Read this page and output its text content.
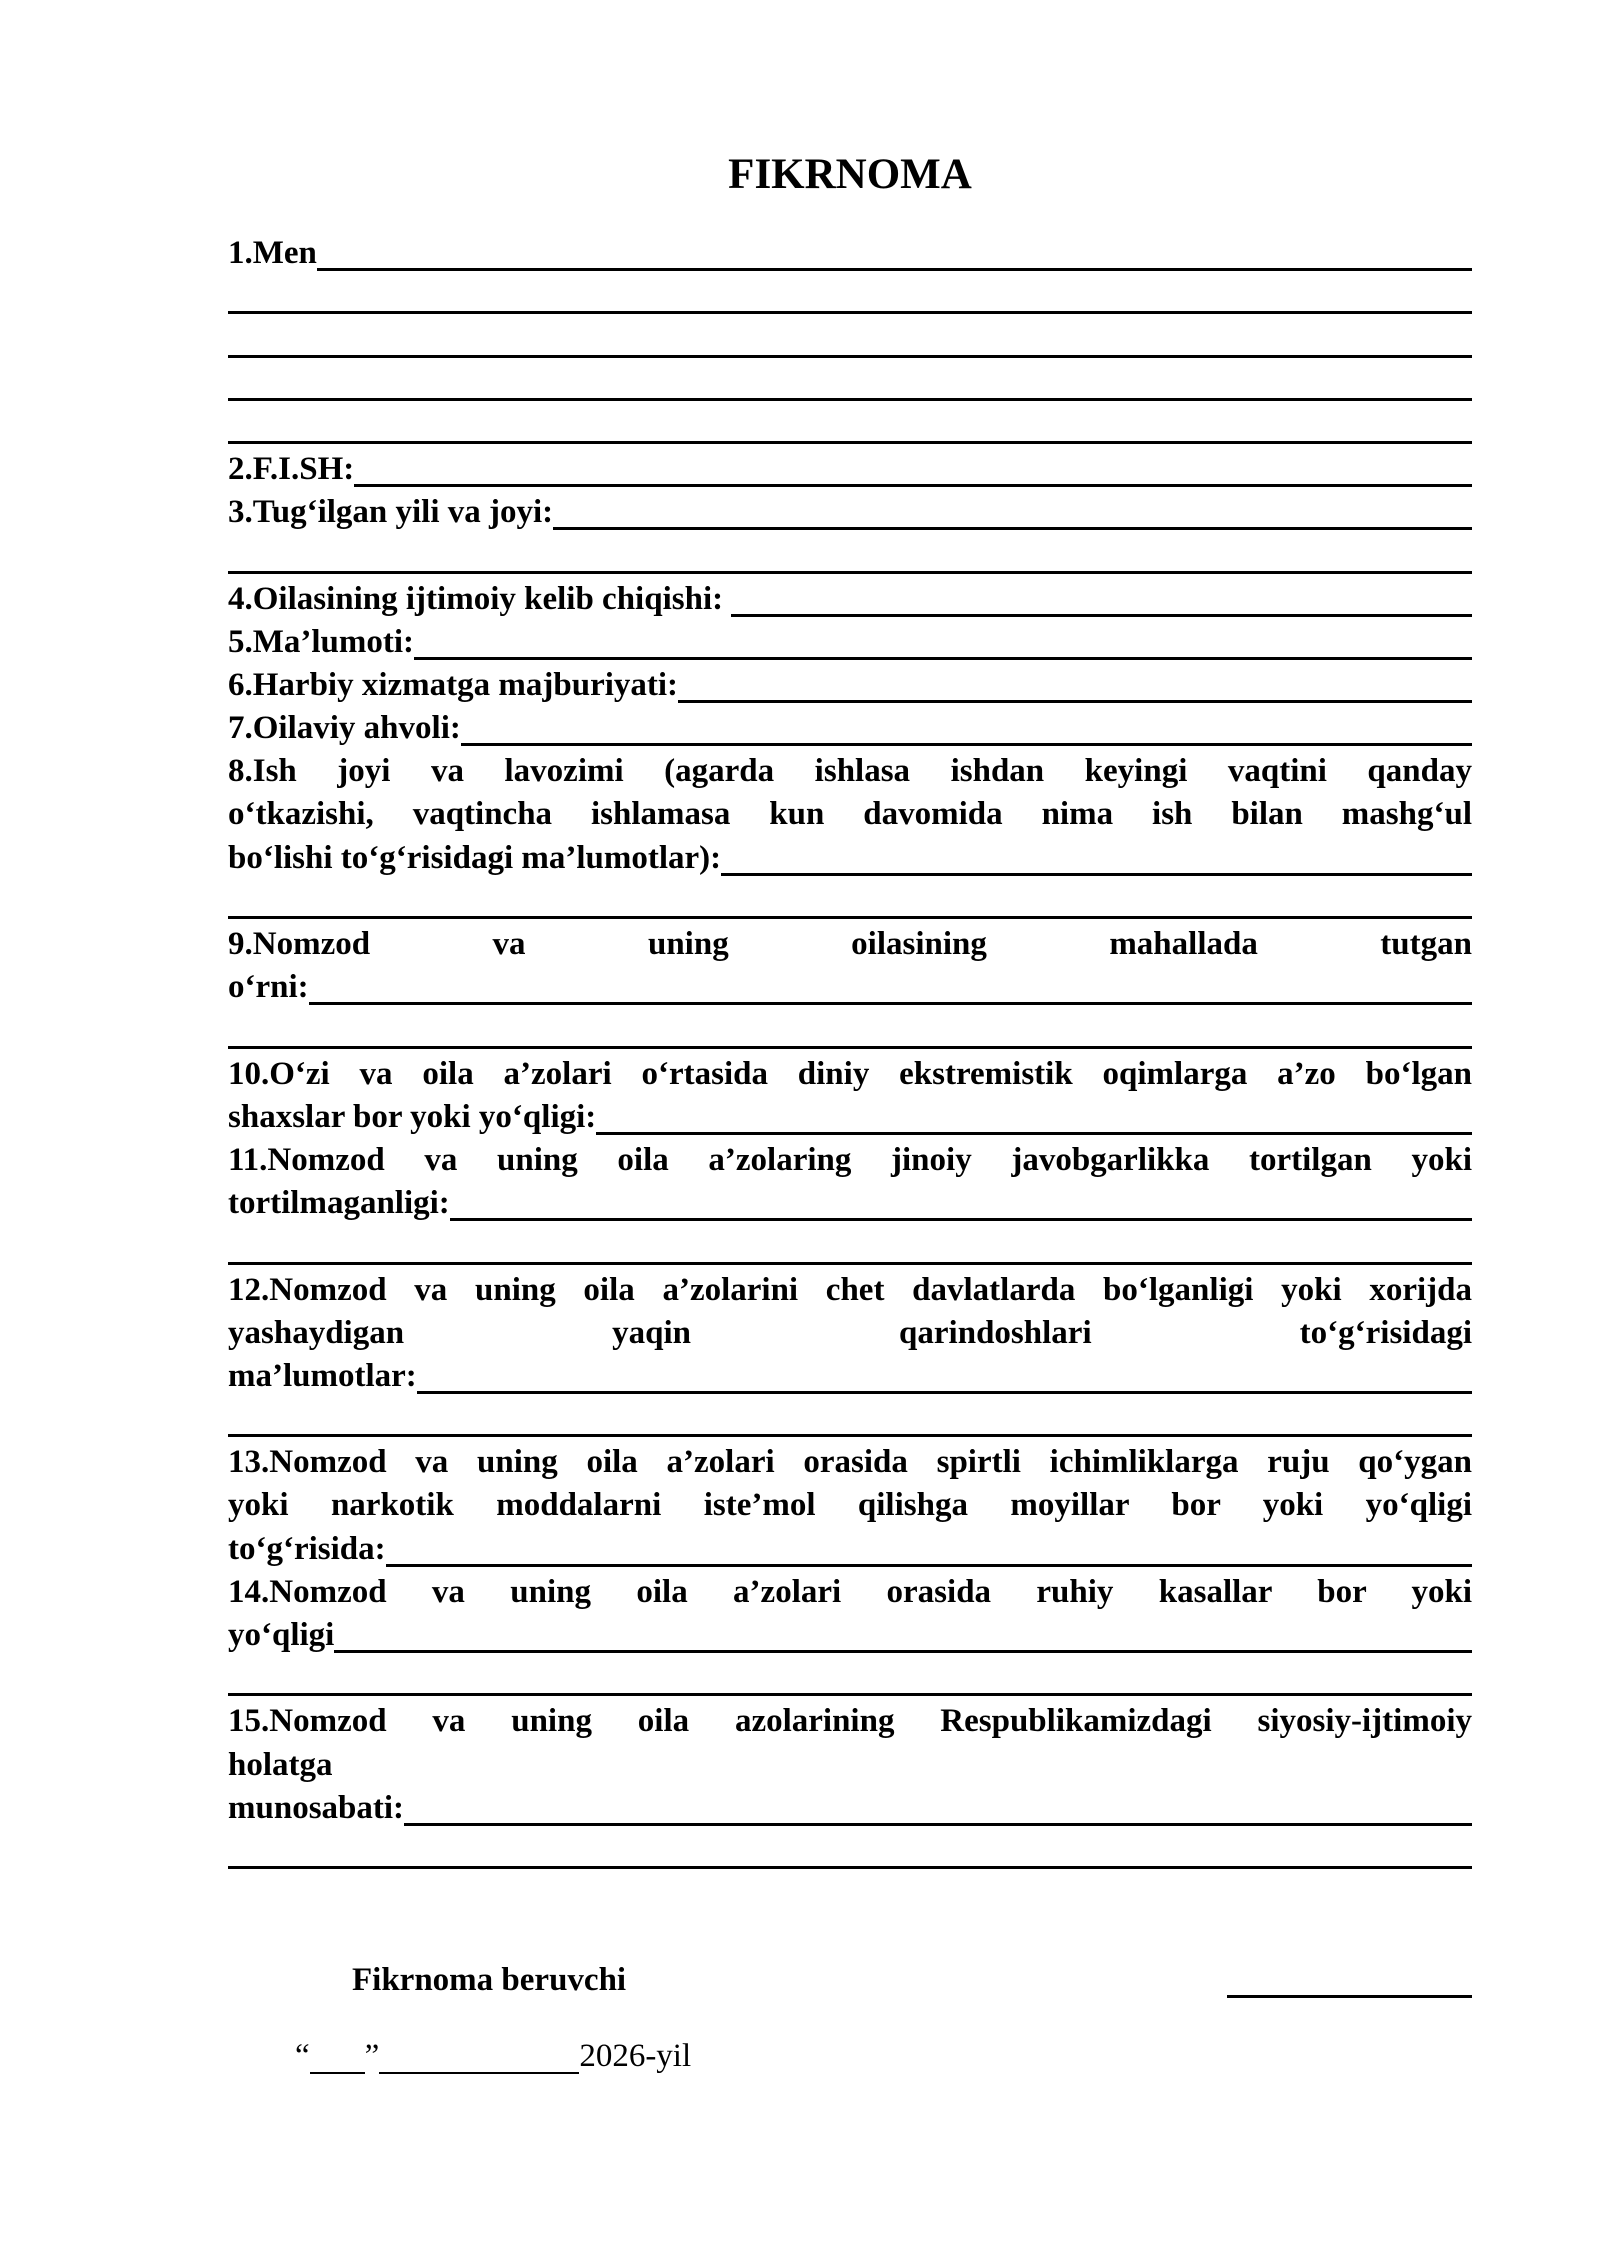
FIKRNOMA
1.Men
2.F.I.SH:
3.Tug‘ilgan yili va joyi:
4.Oilasining ijtimoiy kelib chiqishi:
5.Ma’lumoti:
6.Harbiy xizmatga majburiyati:
7.Oilaviy ahvoli:
8.Ish joyi va lavozimi (agarda ishlasa ishdan keyingi vaqtini qanday
o‘tkazishi, vaqtincha ishlamasa kun davomida nima ish bilan mashg‘ul
bo‘lishi to‘g‘risidagi ma’lumotlar):
9.Nomzod va uning oilasining mahallada tutgan
o‘rni:
10.O‘zi va oila a’zolari o‘rtasida diniy ekstremistik oqimlarga a’zo bo‘lgan
shaxslar bor yoki yo‘qligi:
11.Nomzod va uning oila a’zolaring jinoiy javobgarlikka tortilgan yoki
tortilmaganligi:
12.Nomzod va uning oila a’zolarini chet davlatlarda bo‘lganligi yoki xorijda
yashaydigan yaqin qarindoshlari to‘g‘risidagi
ma’lumotlar:
13.Nomzod va uning oila a’zolari orasida spirtli ichimliklarga ruju qo‘ygan
yoki narkotik moddalarni iste’mol qilishga moyillar bor yoki yo‘qligi
to‘g‘risida:
14.Nomzod va uning oila a’zolari orasida ruhiy kasallar bor yoki
yo‘qligi
15.Nomzod va uning oila azolarining Respublikamizdagi siyosiy-ijtimoiy
holatga
munosabati:
Fikrnoma beruvchi
“ ”	2026-yil
